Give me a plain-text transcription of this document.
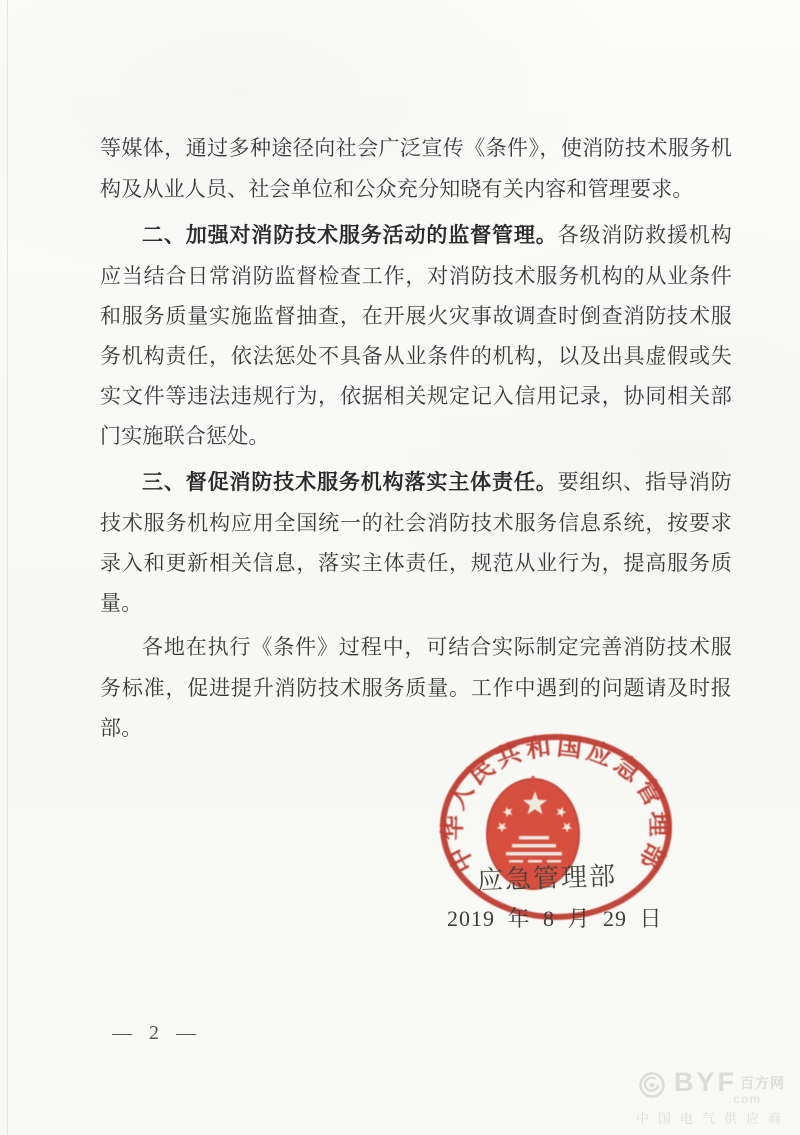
等媒体，通过多种途径向社会广泛宣传《条件》，使消防技术服务机构及从业人员、社会单位和公众充分知晓有关内容和管理要求。

二、加强对消防技术服务活动的监督管理。各级消防救援机构应当结合日常消防监督检查工作，对消防技术服务机构的从业条件和服务质量实施监督抽查，在开展火灾事故调查时倒查消防技术服务机构责任，依法惩处不具备从业条件的机构，以及出具虚假或失实文件等违法违规行为，依据相关规定记入信用记录，协同相关部门实施联合惩处。

三、督促消防技术服务机构落实主体责任。要组织、指导消防技术服务机构应用全国统一的社会消防技术服务信息系统，按要求录入和更新相关信息，落实主体责任，规范从业行为，提高服务质量。

各地在执行《条件》过程中，可结合实际制定完善消防技术服务标准，促进提升消防技术服务质量。工作中遇到的问题请及时报部。

中华人民共和国应急管理部
应急管理部
2019 年 8 月 29 日
— 2 —
BYF 百方网
.com
中国电气供应商
